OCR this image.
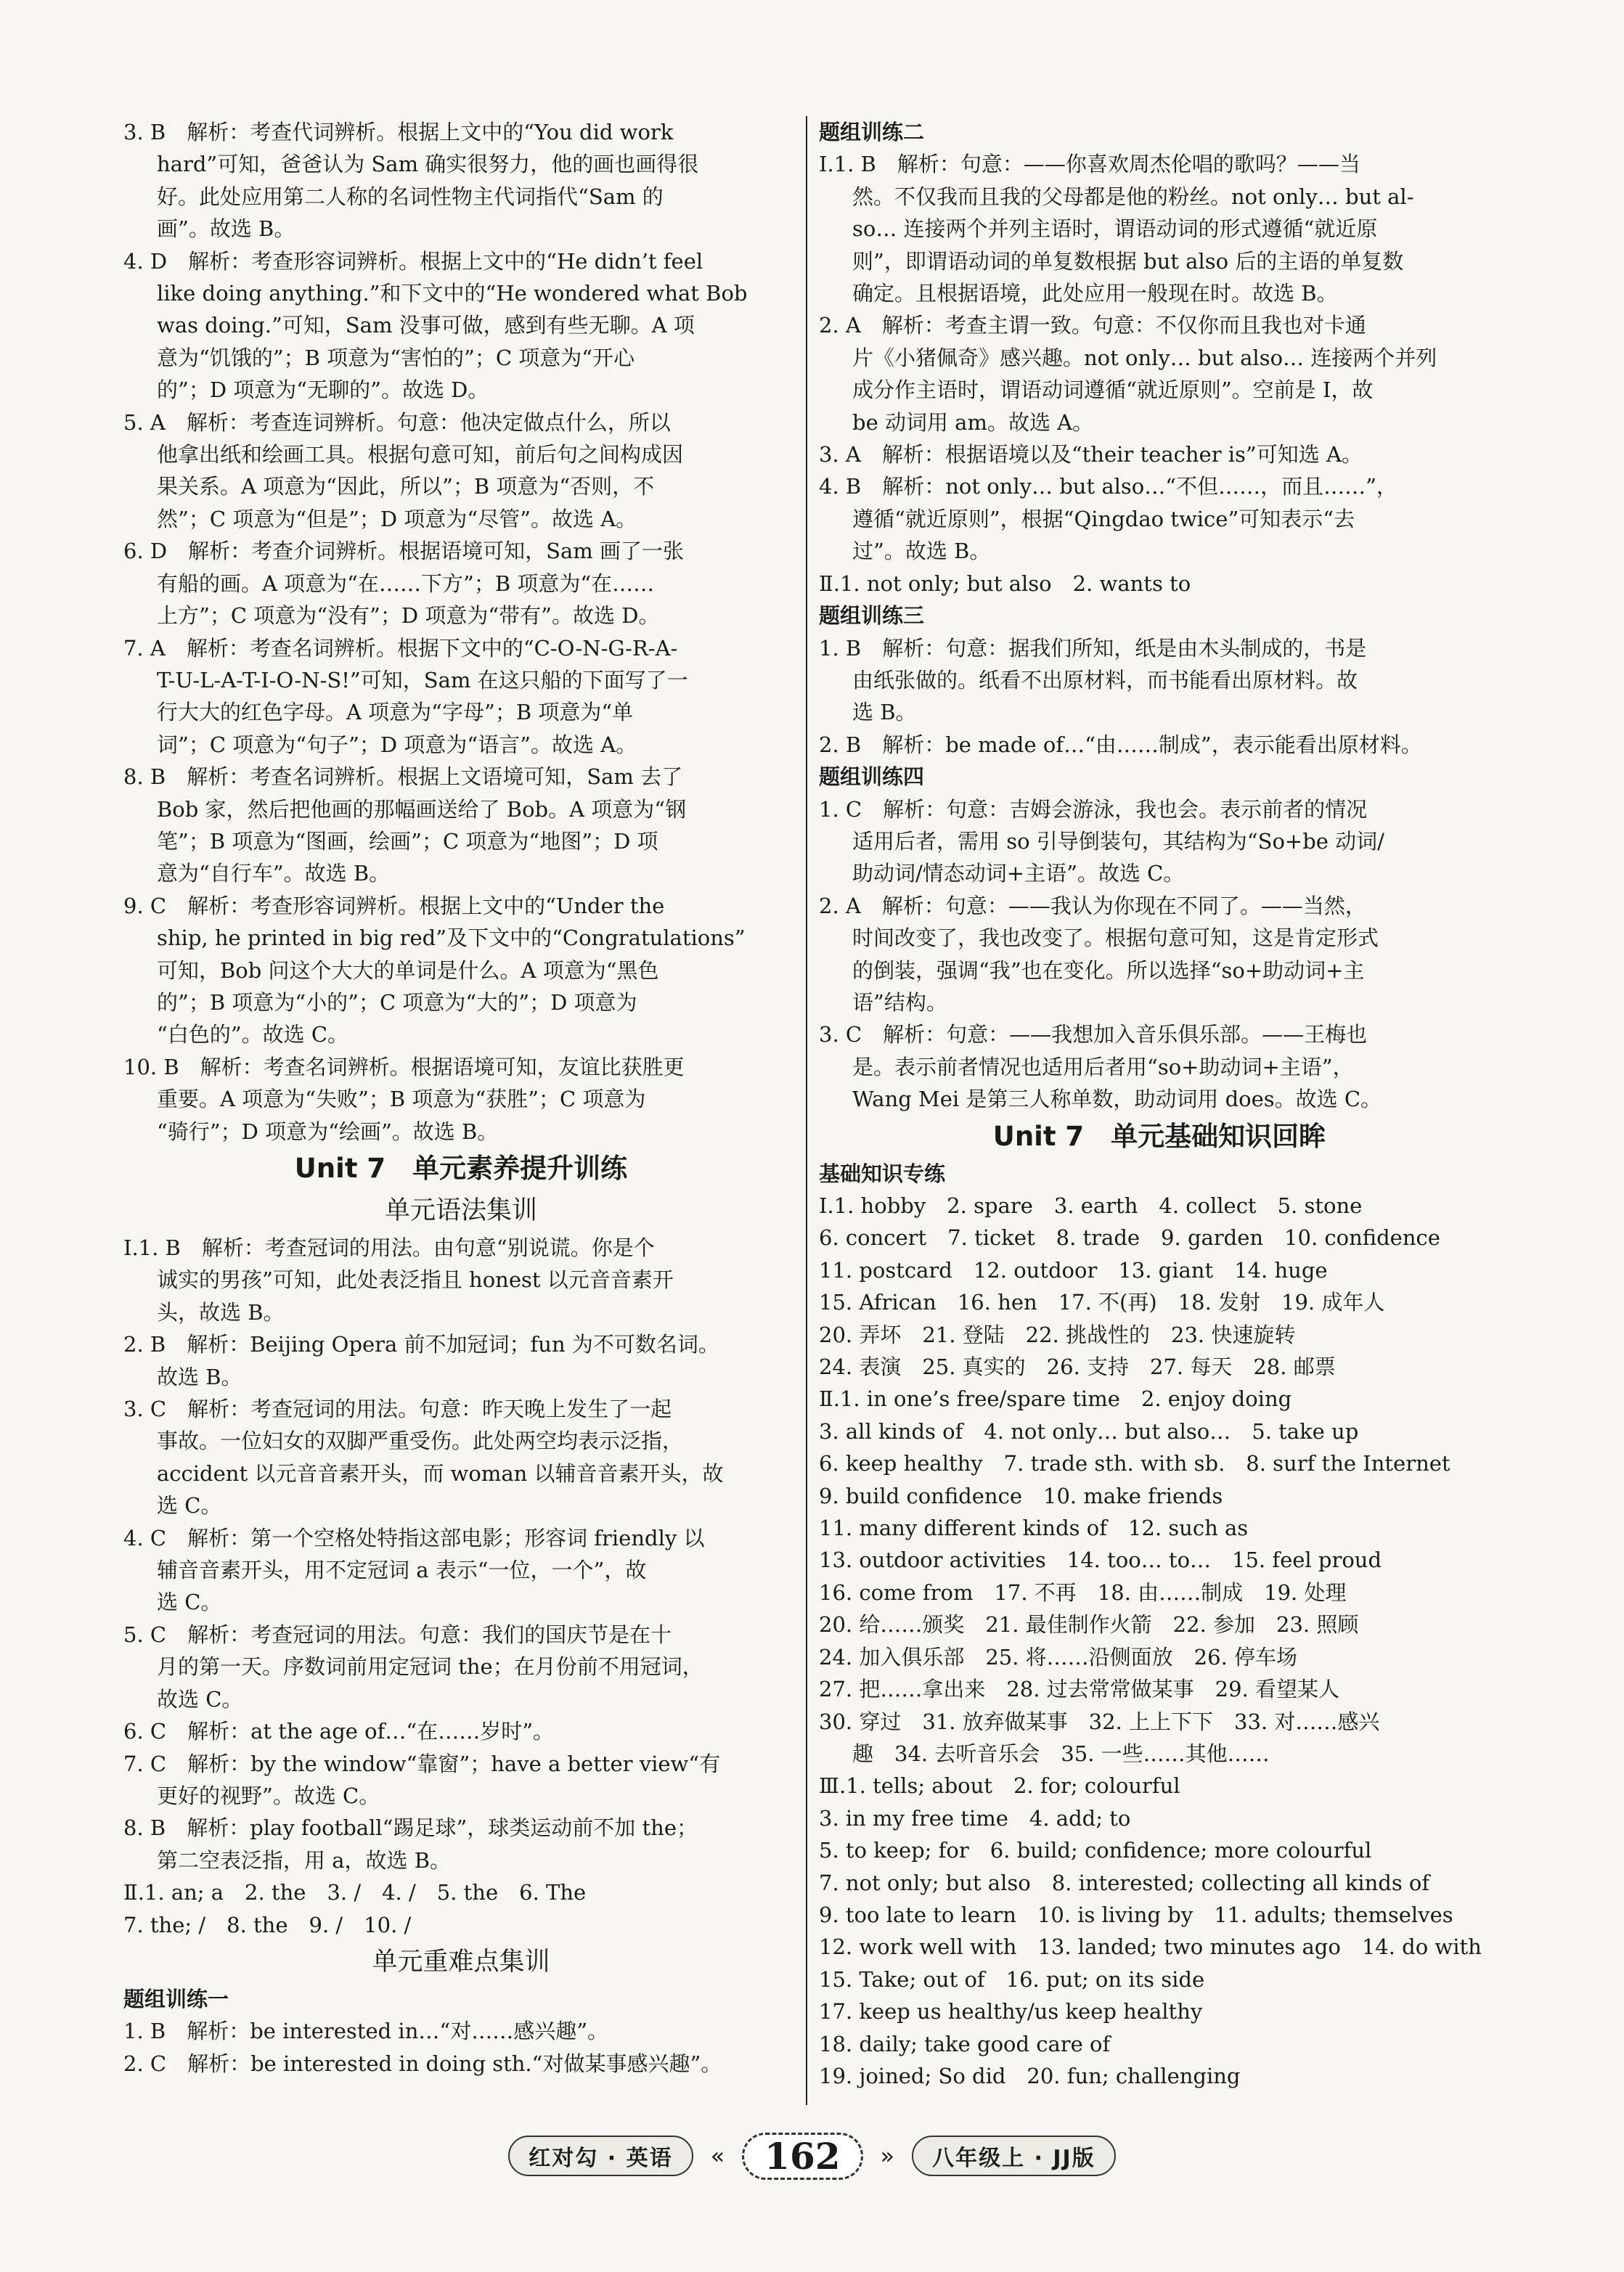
3. B　解析：考查代词辨析。根据上文中的“You did work
hard”可知，爸爸认为 Sam 确实很努力，他的画也画得很
好。此处应用第二人称的名词性物主代词指代“Sam 的
画”。故选 B。
4. D　解析：考查形容词辨析。根据上文中的“He didn’t feel
like doing anything.”和下文中的“He wondered what Bob
was doing.”可知，Sam 没事可做，感到有些无聊。A 项
意为“饥饿的”；B 项意为“害怕的”；C 项意为“开心
的”；D 项意为“无聊的”。故选 D。
5. A　解析：考查连词辨析。句意：他决定做点什么，所以
他拿出纸和绘画工具。根据句意可知，前后句之间构成因
果关系。A 项意为“因此，所以”；B 项意为“否则，不
然”；C 项意为“但是”；D 项意为“尽管”。故选 A。
6. D　解析：考查介词辨析。根据语境可知，Sam 画了一张
有船的画。A 项意为“在……下方”；B 项意为“在……
上方”；C 项意为“没有”；D 项意为“带有”。故选 D。
7. A　解析：考查名词辨析。根据下文中的“C-O-N-G-R-A-
T-U-L-A-T-I-O-N-S!”可知，Sam 在这只船的下面写了一
行大大的红色字母。A 项意为“字母”；B 项意为“单
词”；C 项意为“句子”；D 项意为“语言”。故选 A。
8. B　解析：考查名词辨析。根据上文语境可知，Sam 去了
Bob 家，然后把他画的那幅画送给了 Bob。A 项意为“钢
笔”；B 项意为“图画，绘画”；C 项意为“地图”；D 项
意为“自行车”。故选 B。
9. C　解析：考查形容词辨析。根据上文中的“Under the
ship, he printed in big red”及下文中的“Congratulations”
可知，Bob 问这个大大的单词是什么。A 项意为“黑色
的”；B 项意为“小的”；C 项意为“大的”；D 项意为
“白色的”。故选 C。
10. B　解析：考查名词辨析。根据语境可知，友谊比获胜更
重要。A 项意为“失败”；B 项意为“获胜”；C 项意为
“骑行”；D 项意为“绘画”。故选 B。
Unit 7　单元素养提升训练
单元语法集训
Ⅰ.1. B　解析：考查冠词的用法。由句意“别说谎。你是个
诚实的男孩”可知，此处表泛指且 honest 以元音音素开
头，故选 B。
2. B　解析：Beijing Opera 前不加冠词；fun 为不可数名词。
故选 B。
3. C　解析：考查冠词的用法。句意：昨天晚上发生了一起
事故。一位妇女的双脚严重受伤。此处两空均表示泛指，
accident 以元音音素开头，而 woman 以辅音音素开头，故
选 C。
4. C　解析：第一个空格处特指这部电影；形容词 friendly 以
辅音音素开头，用不定冠词 a 表示“一位，一个”，故
选 C。
5. C　解析：考查冠词的用法。句意：我们的国庆节是在十
月的第一天。序数词前用定冠词 the；在月份前不用冠词，
故选 C。
6. C　解析：at the age of…“在……岁时”。
7. C　解析：by the window“靠窗”；have a better view“有
更好的视野”。故选 C。
8. B　解析：play football“踢足球”，球类运动前不加 the；
第二空表泛指，用 a，故选 B。
Ⅱ.1. an; a　2. the　3. /　4. /　5. the　6. The
7. the; /　8. the　9. /　10. /
单元重难点集训
题组训练一
1. B　解析：be interested in…“对……感兴趣”。
2. C　解析：be interested in doing sth.“对做某事感兴趣”。
题组训练二
Ⅰ.1. B　解析：句意：——你喜欢周杰伦唱的歌吗？——当
然。不仅我而且我的父母都是他的粉丝。not only… but al-
so… 连接两个并列主语时，谓语动词的形式遵循“就近原
则”，即谓语动词的单复数根据 but also 后的主语的单复数
确定。且根据语境，此处应用一般现在时。故选 B。
2. A　解析：考查主谓一致。句意：不仅你而且我也对卡通
片《小猪佩奇》感兴趣。not only… but also… 连接两个并列
成分作主语时，谓语动词遵循“就近原则”。空前是 I，故
be 动词用 am。故选 A。
3. A　解析：根据语境以及“their teacher is”可知选 A。
4. B　解析：not only… but also…“不但……，而且……”，
遵循“就近原则”，根据“Qingdao twice”可知表示“去
过”。故选 B。
Ⅱ.1. not only; but also　2. wants to
题组训练三
1. B　解析：句意：据我们所知，纸是由木头制成的，书是
由纸张做的。纸看不出原材料，而书能看出原材料。故
选 B。
2. B　解析：be made of…“由……制成”，表示能看出原材料。
题组训练四
1. C　解析：句意：吉姆会游泳，我也会。表示前者的情况
适用后者，需用 so 引导倒装句，其结构为“So+be 动词/
助动词/情态动词+主语”。故选 C。
2. A　解析：句意：——我认为你现在不同了。——当然，
时间改变了，我也改变了。根据句意可知，这是肯定形式
的倒装，强调“我”也在变化。所以选择“so+助动词+主
语”结构。
3. C　解析：句意：——我想加入音乐俱乐部。——王梅也
是。表示前者情况也适用后者用“so+助动词+主语”，
Wang Mei 是第三人称单数，助动词用 does。故选 C。
Unit 7　单元基础知识回眸
基础知识专练
Ⅰ.1. hobby　2. spare　3. earth　4. collect　5. stone
6. concert　7. ticket　8. trade　9. garden　10. confidence
11. postcard　12. outdoor　13. giant　14. huge
15. African　16. hen　17. 不(再)　18. 发射　19. 成年人
20. 弄坏　21. 登陆　22. 挑战性的　23. 快速旋转
24. 表演　25. 真实的　26. 支持　27. 每天　28. 邮票
Ⅱ.1. in one’s free/spare time　2. enjoy doing
3. all kinds of　4. not only… but also…　5. take up
6. keep healthy　7. trade sth. with sb.　8. surf the Internet
9. build confidence　10. make friends
11. many different kinds of　12. such as
13. outdoor activities　14. too… to…　15. feel proud
16. come from　17. 不再　18. 由……制成　19. 处理
20. 给……颁奖　21. 最佳制作火箭　22. 参加　23. 照顾
24. 加入俱乐部　25. 将……沿侧面放　26. 停车场
27. 把……拿出来　28. 过去常常做某事　29. 看望某人
30. 穿过　31. 放弃做某事　32. 上上下下　33. 对……感兴
趣　34. 去听音乐会　35. 一些……其他……
Ⅲ.1. tells; about　2. for; colourful
3. in my free time　4. add; to
5. to keep; for　6. build; confidence; more colourful
7. not only; but also　8. interested; collecting all kinds of
9. too late to learn　10. is living by　11. adults; themselves
12. work well with　13. landed; two minutes ago　14. do with
15. Take; out of　16. put; on its side
17. keep us healthy/us keep healthy
18. daily; take good care of
19. joined; So did　20. fun; challenging
红对勾 · 英语	«	162	»	八年级上 · JJ版
